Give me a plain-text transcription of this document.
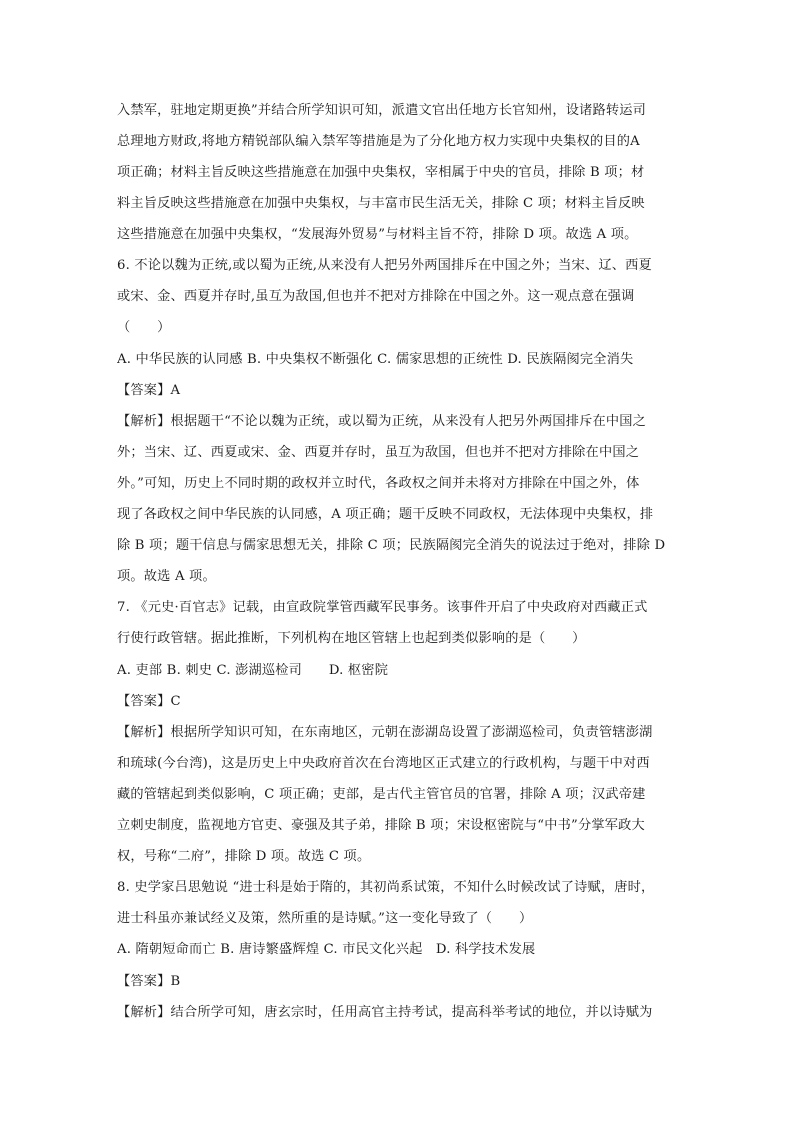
入禁军，驻地定期更换”并结合所学知识可知，派遣文官出任地方长官知州，设诸路转运司
总理地方财政,将地方精锐部队编入禁军等措施是为了分化地方权力实现中央集权的目的A
项正确；材料主旨反映这些措施意在加强中央集权，宰相属于中央的官员，排除 B 项；材
料主旨反映这些措施意在加强中央集权，与丰富市民生活无关，排除 C 项；材料主旨反映
这些措施意在加强中央集权，“发展海外贸易”与材料主旨不符，排除 D 项。故选 A 项。
6. 不论以魏为正统,或以蜀为正统,从来没有人把另外两国排斥在中国之外；当宋、辽、西夏
或宋、金、西夏并存时,虽互为敌国,但也并不把对方排除在中国之外。这一观点意在强调
（　　）
A. 中华民族的认同感 B. 中央集权不断强化 C. 儒家思想的正统性 D. 民族隔阂完全消失
【答案】A
【解析】根据题干“不论以魏为正统，或以蜀为正统，从来没有人把另外两国排斥在中国之
外；当宋、辽、西夏或宋、金、西夏并存时，虽互为敌国，但也并不把对方排除在中国之
外。”可知，历史上不同时期的政权并立时代，各政权之间并未将对方排除在中国之外，体
现了各政权之间中华民族的认同感，A 项正确；题干反映不同政权，无法体现中央集权，排
除 B 项；题干信息与儒家思想无关，排除 C 项；民族隔阂完全消失的说法过于绝对，排除 D
项。故选 A 项。
7. 《元史·百官志》记载，由宣政院掌管西藏军民事务。该事件开启了中央政府对西藏正式
行使行政管辖。据此推断，下列机构在地区管辖上也起到类似影响的是（　　）
A. 吏部 B. 刺史 C. 澎湖巡检司　　D. 枢密院
【答案】C
【解析】根据所学知识可知，在东南地区，元朝在澎湖岛设置了澎湖巡检司，负责管辖澎湖
和琉球(今台湾)，这是历史上中央政府首次在台湾地区正式建立的行政机构，与题干中对西
藏的管辖起到类似影响，C 项正确；吏部，是古代主管官员的官署，排除 A 项；汉武帝建
立刺史制度，监视地方官吏、豪强及其子弟，排除 B 项；宋设枢密院与“中书”分掌军政大
权，号称“二府”，排除 D 项。故选 C 项。
8. 史学家吕思勉说 “进士科是始于隋的，其初尚系试策，不知什么时候改试了诗赋，唐时，
进士科虽亦兼试经义及策，然所重的是诗赋。”这一变化导致了（　　）
A. 隋朝短命而亡 B. 唐诗繁盛辉煌 C. 市民文化兴起　D. 科学技术发展
【答案】B
【解析】结合所学可知，唐玄宗时，任用高官主持考试，提高科举考试的地位，并以诗赋为
